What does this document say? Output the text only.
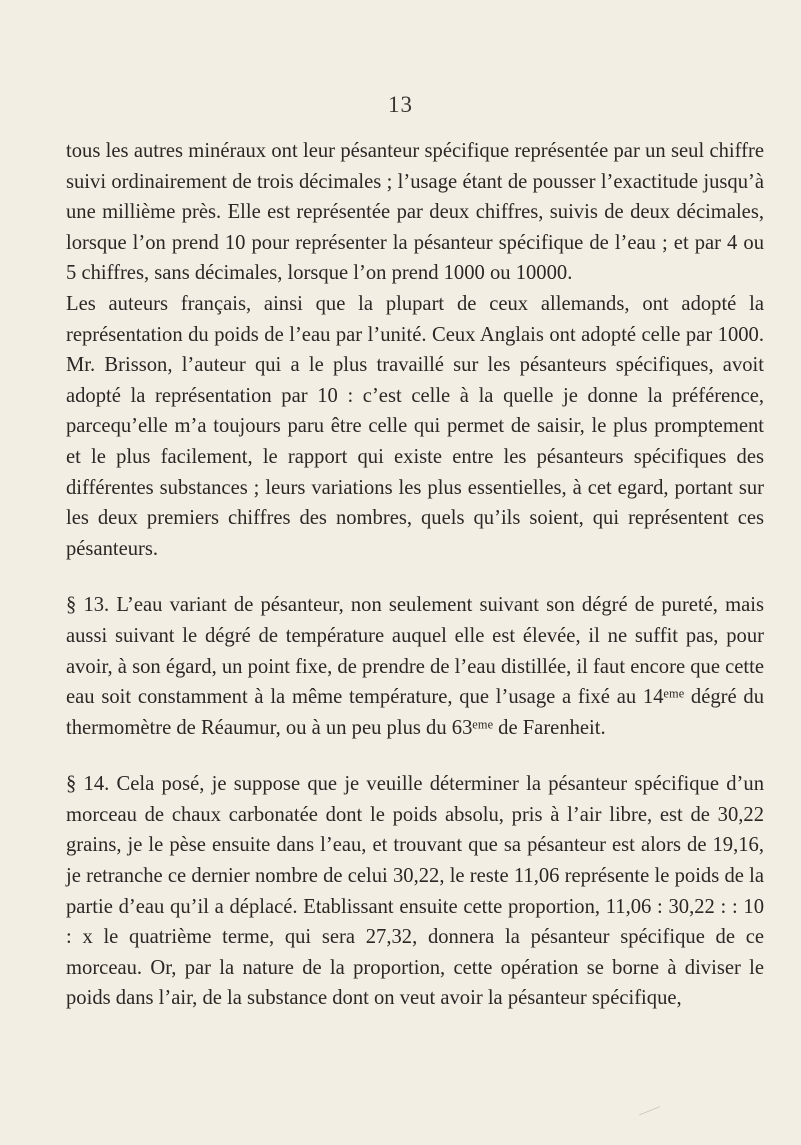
13

tous les autres minéraux ont leur pésanteur spécifique représentée par un seul chiffre suivi ordinairement de trois décimales ; l’usage étant de pousser l’exactitude jusqu’à une millième près. Elle est représentée par deux chiffres, suivis de deux décimales, lorsque l’on prend 10 pour représenter la pésanteur spécifique de l’eau ; et par 4 ou 5 chiffres, sans décimales, lorsque l’on prend 1000 ou 10000.

Les auteurs français, ainsi que la plupart de ceux allemands, ont adopté la représentation du poids de l’eau par l’unité. Ceux Anglais ont adopté celle par 1000. Mr. Brisson, l’auteur qui a le plus travaillé sur les pésanteurs spécifiques, avoit adopté la représentation par 10 : c’est celle à la quelle je donne la préférence, parcequ’elle m’a toujours paru être celle qui permet de saisir, le plus promptement et le plus facilement, le rapport qui existe entre les pésanteurs spécifiques des différentes substances ; leurs variations les plus essentielles, à cet egard, portant sur les deux premiers chiffres des nombres, quels qu’ils soient, qui représentent ces pésanteurs.

§ 13. L’eau variant de pésanteur, non seulement suivant son dégré de pureté, mais aussi suivant le dégré de température auquel elle est élevée, il ne suffit pas, pour avoir, à son égard, un point fixe, de prendre de l’eau distillée, il faut encore que cette eau soit constamment à la même température, que l’usage a fixé au 14ᵉᵐᵉ dégré du thermomètre de Réaumur, ou à un peu plus du 63ᵉᵐᵉ de Farenheit.

§ 14. Cela posé, je suppose que je veuille déterminer la pésanteur spécifique d’un morceau de chaux carbonatée dont le poids absolu, pris à l’air libre, est de 30,22 grains, je le pèse ensuite dans l’eau, et trouvant que sa pésanteur est alors de 19,16, je retranche ce dernier nombre de celui 30,22, le reste 11,06 représente le poids de la partie d’eau qu’il a déplacé. Etablissant ensuite cette proportion, 11,06 : 30,22 : : 10 : x le quatrième terme, qui sera 27,32, donnera la pésanteur spécifique de ce morceau. Or, par la nature de la proportion, cette opération se borne à diviser le poids dans l’air, de la substance dont on veut avoir la pésanteur spécifique,
